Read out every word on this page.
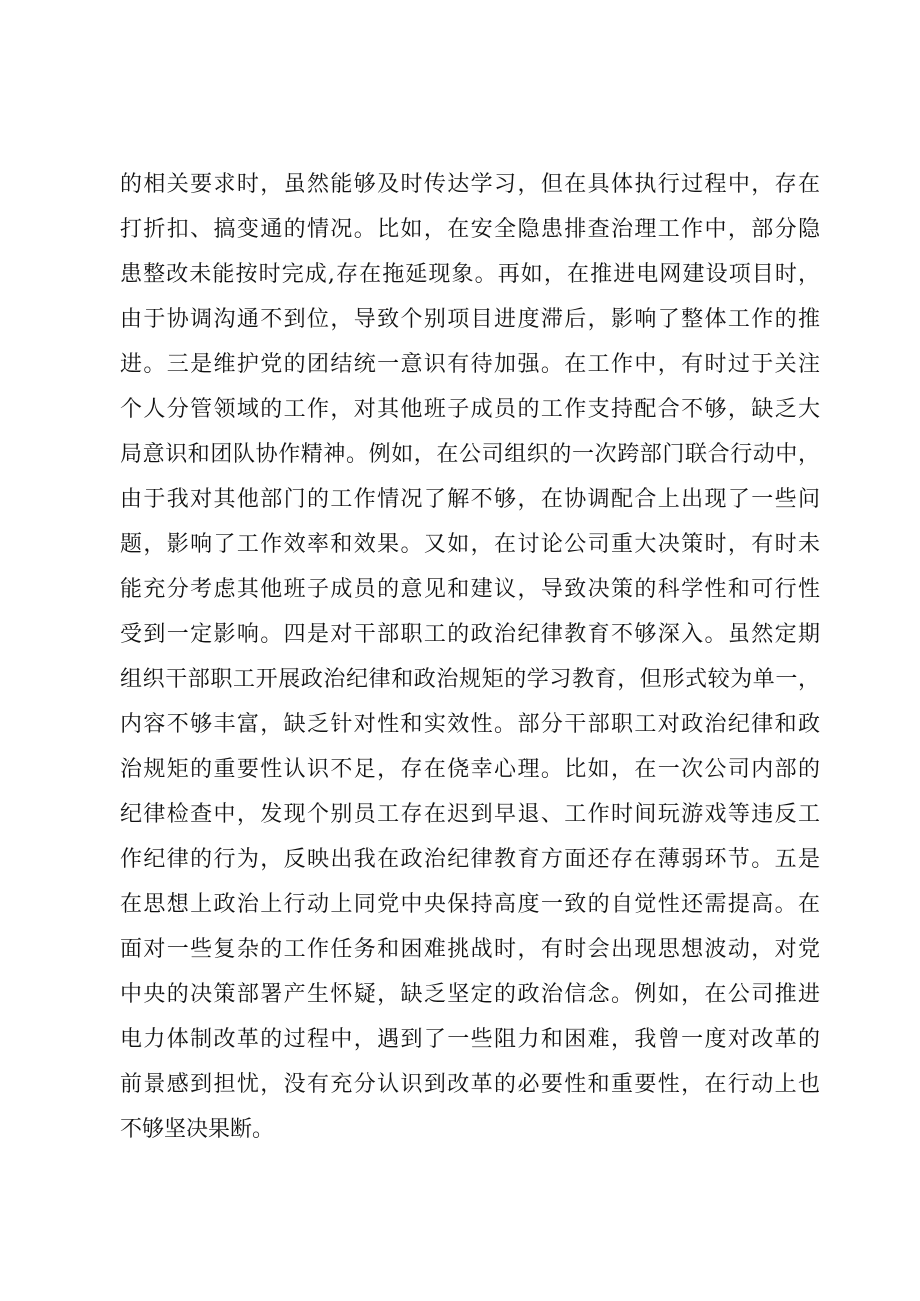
的相关要求时，虽然能够及时传达学习，但在具体执行过程中，存在
打折扣、搞变通的情况。比如，在安全隐患排查治理工作中，部分隐
患整改未能按时完成,存在拖延现象。再如，在推进电网建设项目时，
由于协调沟通不到位，导致个别项目进度滞后，影响了整体工作的推
进。三是维护党的团结统一意识有待加强。在工作中，有时过于关注
个人分管领域的工作，对其他班子成员的工作支持配合不够，缺乏大
局意识和团队协作精神。例如，在公司组织的一次跨部门联合行动中，
由于我对其他部门的工作情况了解不够，在协调配合上出现了一些问
题，影响了工作效率和效果。又如，在讨论公司重大决策时，有时未
能充分考虑其他班子成员的意见和建议，导致决策的科学性和可行性
受到一定影响。四是对干部职工的政治纪律教育不够深入。虽然定期
组织干部职工开展政治纪律和政治规矩的学习教育，但形式较为单一，
内容不够丰富，缺乏针对性和实效性。部分干部职工对政治纪律和政
治规矩的重要性认识不足，存在侥幸心理。比如，在一次公司内部的
纪律检查中，发现个别员工存在迟到早退、工作时间玩游戏等违反工
作纪律的行为，反映出我在政治纪律教育方面还存在薄弱环节。五是
在思想上政治上行动上同党中央保持高度一致的自觉性还需提高。在
面对一些复杂的工作任务和困难挑战时，有时会出现思想波动，对党
中央的决策部署产生怀疑，缺乏坚定的政治信念。例如，在公司推进
电力体制改革的过程中，遇到了一些阻力和困难，我曾一度对改革的
前景感到担忧，没有充分认识到改革的必要性和重要性，在行动上也
不够坚决果断。
